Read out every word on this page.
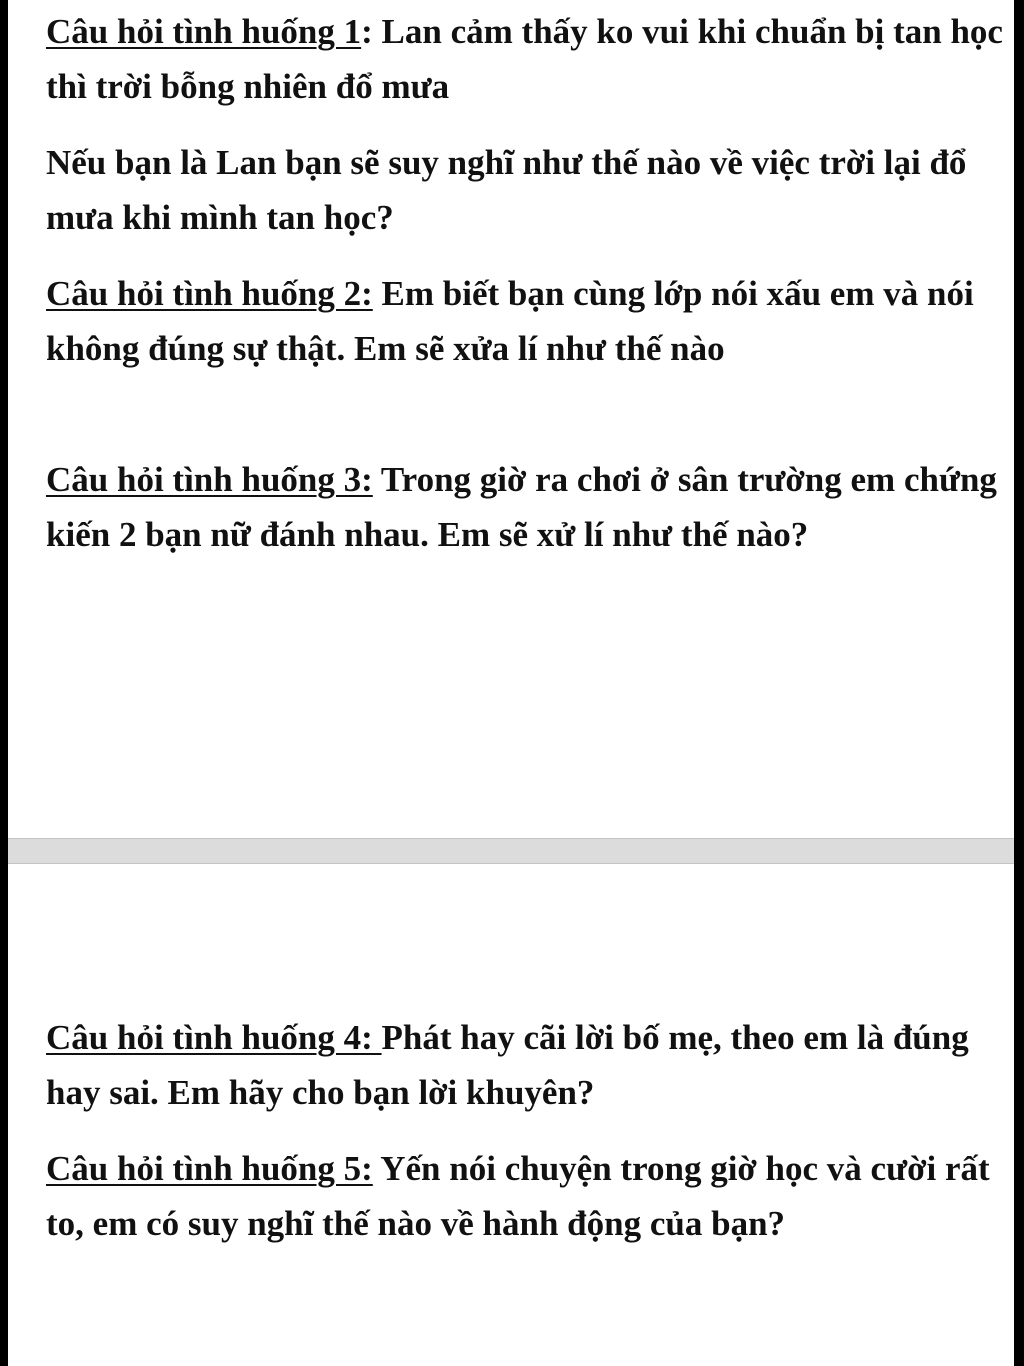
Câu hỏi tình huống 1: Lan cảm thấy ko vui khi chuẩn bị tan học thì trời bỗng nhiên đổ mưa

Nếu bạn là Lan bạn sẽ suy nghĩ như thế nào về việc trời lại đổ mưa khi mình tan học?

Câu hỏi tình huống 2: Em biết bạn cùng lớp nói xấu em và nói không đúng sự thật. Em sẽ xửa lí như thế nào

Câu hỏi tình huống 3: Trong giờ ra chơi ở sân trường em chứng kiến 2 bạn nữ đánh nhau. Em sẽ xử lí như thế nào?

Câu hỏi tình huống 4: Phát hay cãi lời bố mẹ, theo em là đúng hay sai. Em hãy cho bạn lời khuyên?

Câu hỏi tình huống 5: Yến nói chuyện trong giờ học và cười rất to, em có suy nghĩ thế nào về hành động của bạn?
